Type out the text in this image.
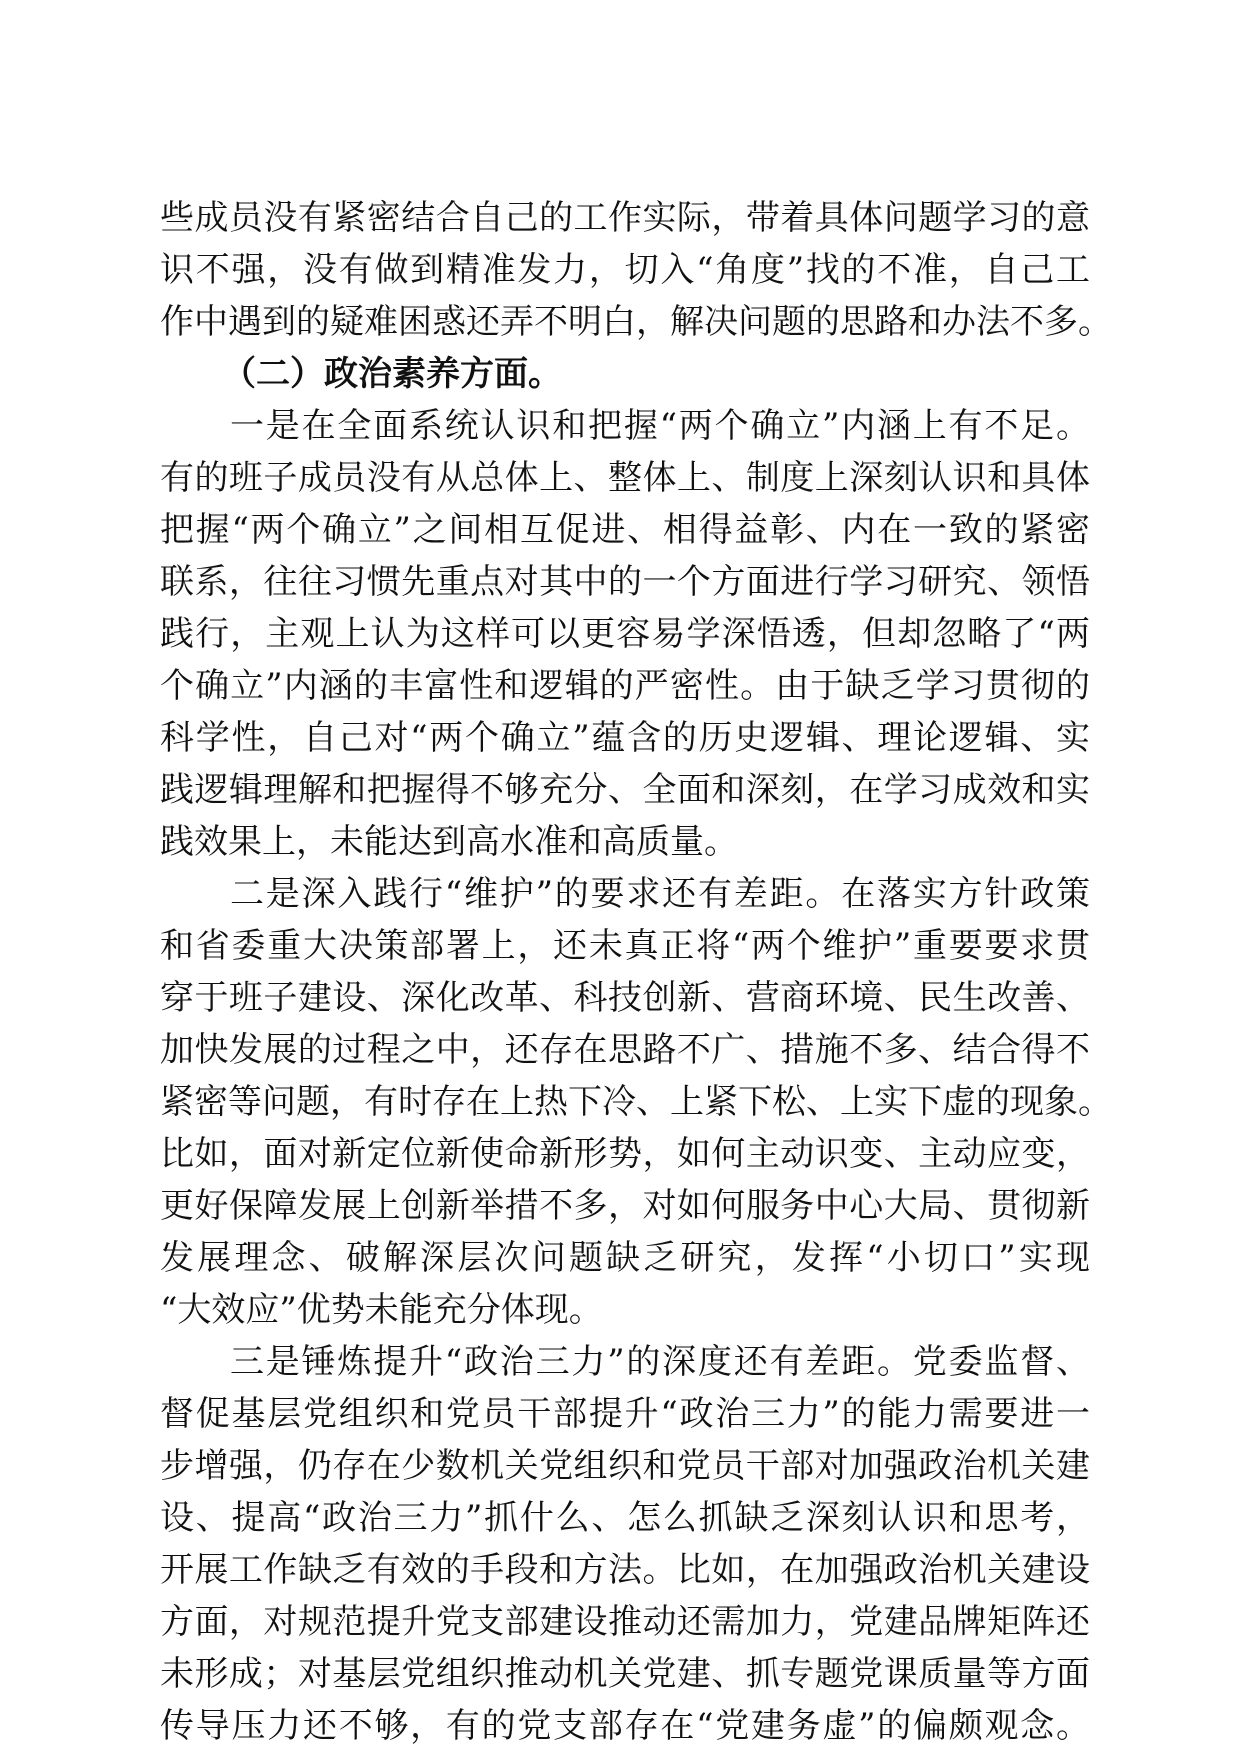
些成员没有紧密结合自己的工作实际，带着具体问题学习的意
识不强，没有做到精准发力，切入“角度”找的不准，自己工
作中遇到的疑难困惑还弄不明白，解决问题的思路和办法不多。
（二）政治素养方面。
一是在全面系统认识和把握“两个确立”内涵上有不足。
有的班子成员没有从总体上、整体上、制度上深刻认识和具体
把握“两个确立”之间相互促进、相得益彰、内在一致的紧密
联系，往往习惯先重点对其中的一个方面进行学习研究、领悟
践行，主观上认为这样可以更容易学深悟透，但却忽略了“两
个确立”内涵的丰富性和逻辑的严密性。由于缺乏学习贯彻的
科学性，自己对“两个确立”蕴含的历史逻辑、理论逻辑、实
践逻辑理解和把握得不够充分、全面和深刻，在学习成效和实
践效果上，未能达到高水准和高质量。
二是深入践行“维护”的要求还有差距。在落实方针政策
和省委重大决策部署上，还未真正将“两个维护”重要要求贯
穿于班子建设、深化改革、科技创新、营商环境、民生改善、
加快发展的过程之中，还存在思路不广、措施不多、结合得不
紧密等问题，有时存在上热下冷、上紧下松、上实下虚的现象。
比如，面对新定位新使命新形势，如何主动识变、主动应变，
更好保障发展上创新举措不多，对如何服务中心大局、贯彻新
发展理念、破解深层次问题缺乏研究，发挥“小切口”实现
“大效应”优势未能充分体现。
三是锤炼提升“政治三力”的深度还有差距。党委监督、
督促基层党组织和党员干部提升“政治三力”的能力需要进一
步增强，仍存在少数机关党组织和党员干部对加强政治机关建
设、提高“政治三力”抓什么、怎么抓缺乏深刻认识和思考，
开展工作缺乏有效的手段和方法。比如，在加强政治机关建设
方面，对规范提升党支部建设推动还需加力，党建品牌矩阵还
未形成；对基层党组织推动机关党建、抓专题党课质量等方面
传导压力还不够，有的党支部存在“党建务虚”的偏颇观念。
